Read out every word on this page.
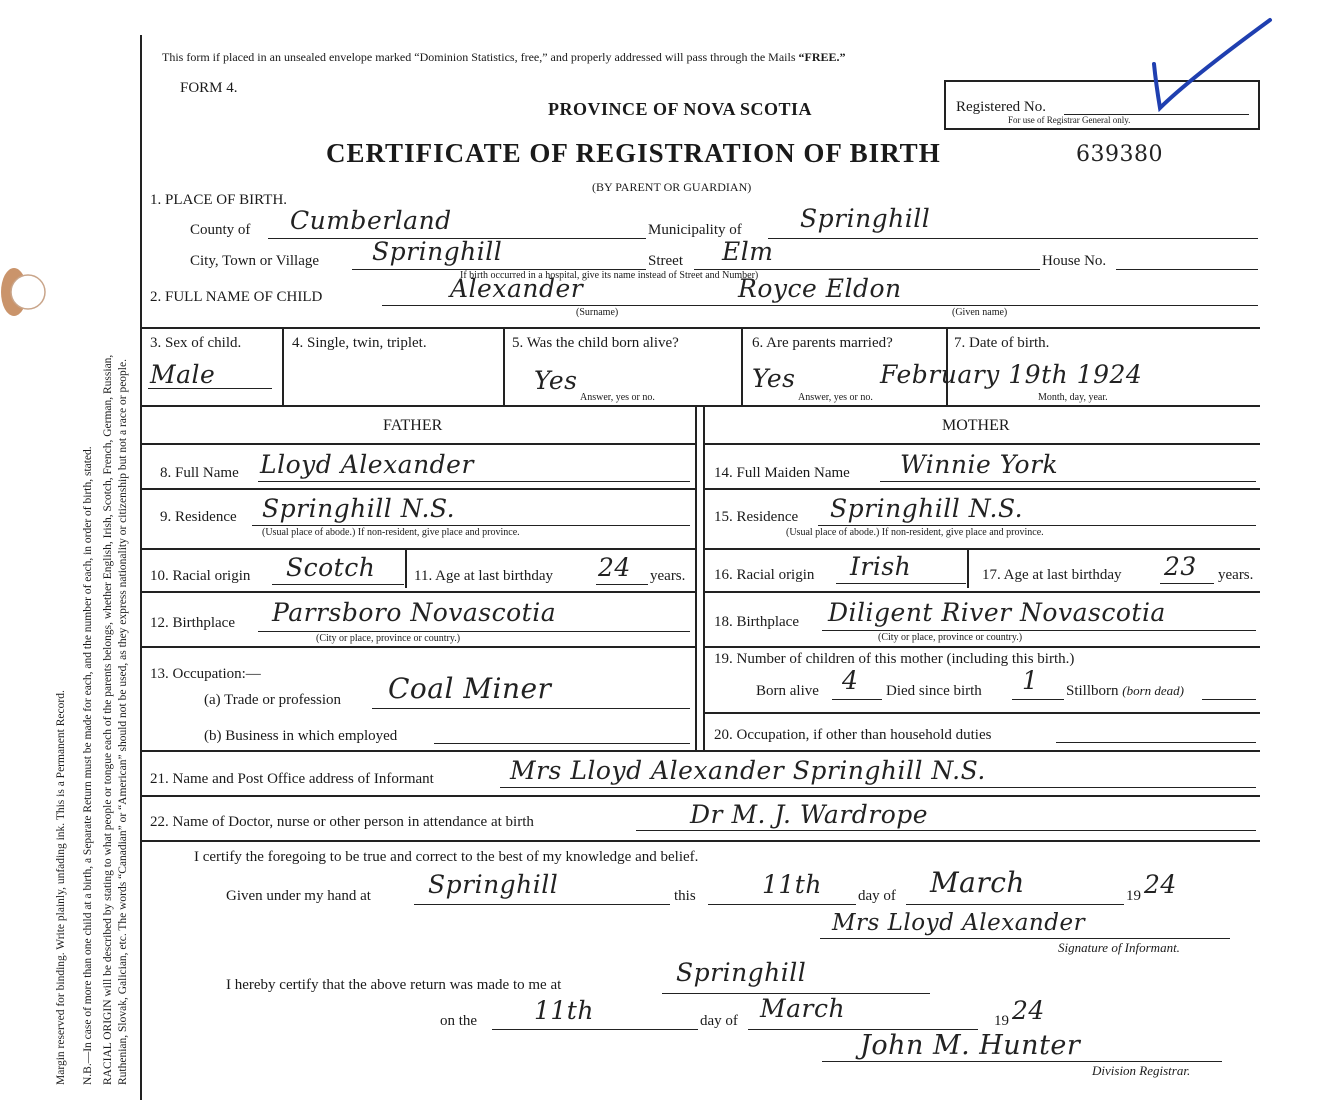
Margin reserved for binding. Write plainly, unfading ink. This is a Permanent Record. N.B.—In case of more than one child at a birth, a Separate Return must be made for each, and the number of each, in order of birth, stated. RACIAL ORIGIN will be described by stating to what people or tongue each of the parents belongs, whether English, Irish, Scotch, French, German, Russian, Ruthenian, Slovak, Galician, etc. The words “Canadian” or “American” should not be used, as they express nationality or citizenship but not a race or people.
This form if placed in an unsealed envelope marked “Dominion Statistics, free,” and properly addressed will pass through the Mails “FREE.”
FORM 4.
PROVINCE OF NOVA SCOTIA
CERTIFICATE OF REGISTRATION OF BIRTH	639380
(BY PARENT OR GUARDIAN)
Registered No.
For use of Registrar General only.
1. PLACE OF BIRTH.
County of Cumberland	Municipality of Springhill
City, Town or Village Springhill	Street Elm	House No.
If birth occurred in a hospital, give its name instead of Street and Number)
2. FULL NAME OF CHILD	Alexander	Royce Eldon
(Surname)	(Given name)
3. Sex of child.
Male
4. Single, twin, triplet.	5. Was the child born alive?
Yes
Answer, yes or no.
6. Are parents married?
Yes
Answer, yes or no.
7. Date of birth.
February 19th 1924
Month, day, year.
FATHER	MOTHER
8. Full Name Lloyd Alexander	14. Full Maiden Name Winnie York
9. Residence Springhill N.S.
(Usual place of abode.) If non-resident, give place and province.
15. Residence Springhill N.S.
(Usual place of abode.) If non-resident, give place and province.
10. Racial origin Scotch	11. Age at last birthday 24 years. 16. Racial origin Irish	17. Age at last birthday 23 years.
12. Birthplace Parrsboro Novascotia
(City or place, province or country.)
18. Birthplace Diligent River Novascotia
(City or place, province or country.)
13. Occupation:—
(a) Trade or profession Coal Miner
(b) Business in which employed
19. Number of children of this mother (including this birth.)
Born alive 4 Died since birth 1 Stillborn (born dead)
20. Occupation, if other than household duties
21. Name and Post Office address of Informant	Mrs Lloyd Alexander Springhill N.S.
22. Name of Doctor, nurse or other person in attendance at birth	Dr M. J. Wardrope
I certify the foregoing to be true and correct to the best of my knowledge and belief.
Given under my hand at Springhill	this	11th day of March	19 24
Mrs Lloyd Alexander
Signature of Informant.
I hereby certify that the above return was made to me at	Springhill
on the 11th	day of March	19 24
John M. Hunter
Division Registrar.
